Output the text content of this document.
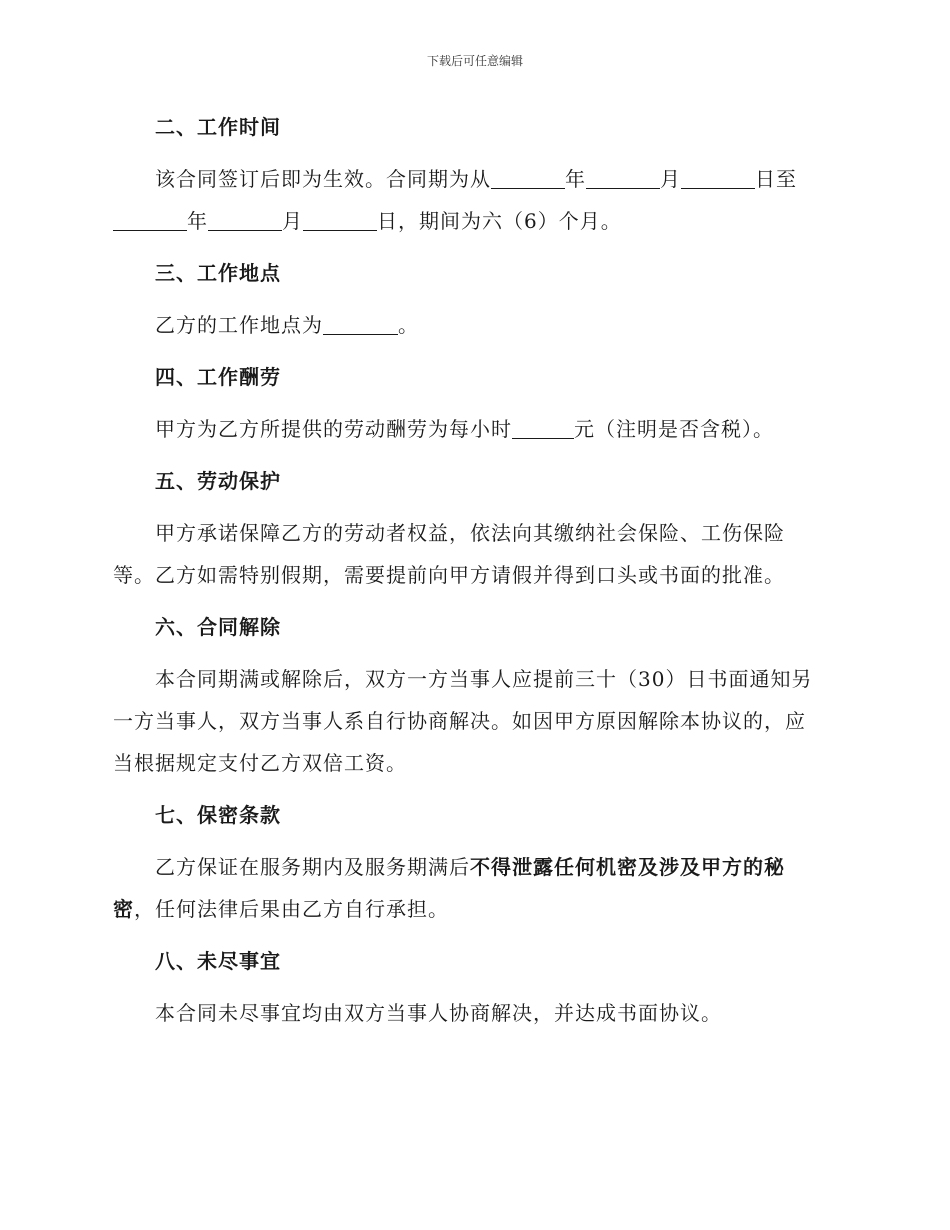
下载后可任意编辑
二、工作时间
该合同签订后即为生效。合同期为从	年	月	日至
年	月	日，期间为六（6）个月。
三、工作地点
乙方的工作地点为	。
四、工作酬劳
甲方为乙方所提供的劳动酬劳为每小时	元（注明是否含税）。
五、劳动保护
甲方承诺保障乙方的劳动者权益，依法向其缴纳社会保险、工伤保险
等。乙方如需特别假期，需要提前向甲方请假并得到口头或书面的批准。
六、合同解除
本合同期满或解除后，双方一方当事人应提前三十（30）日书面通知另
一方当事人，双方当事人系自行协商解决。如因甲方原因解除本协议的，应
当根据规定支付乙方双倍工资。
七、保密条款
乙方保证在服务期内及服务期满后不得泄露任何机密及涉及甲方的秘
密，任何法律后果由乙方自行承担。
八、未尽事宜
本合同未尽事宜均由双方当事人协商解决，并达成书面协议。
